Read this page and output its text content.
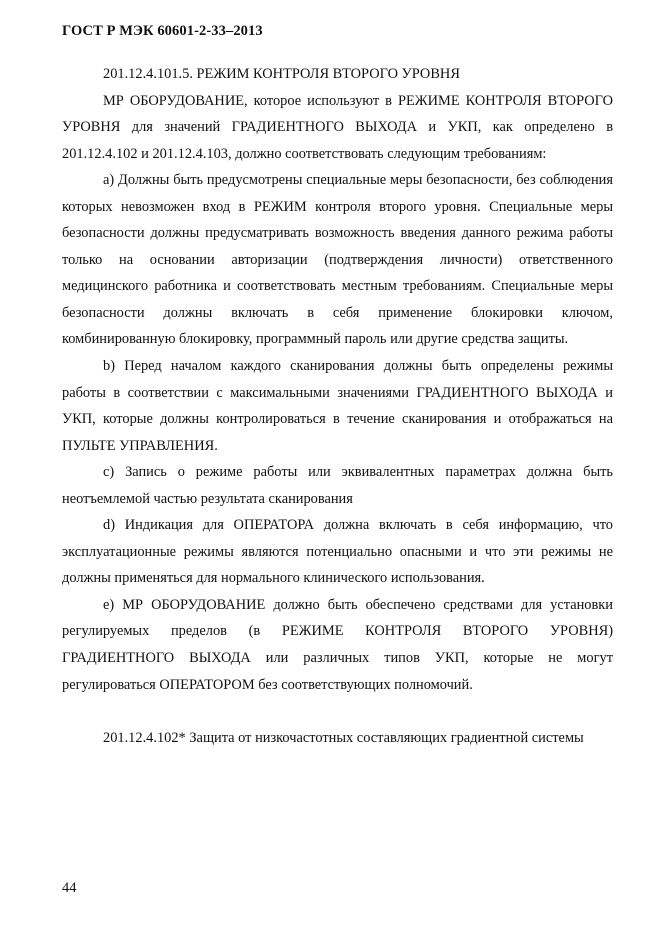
ГОСТ Р МЭК 60601-2-33–2013

201.12.4.101.5. РЕЖИМ КОНТРОЛЯ ВТОРОГО УРОВНЯ

МР ОБОРУДОВАНИЕ, которое используют в РЕЖИМЕ КОНТРОЛЯ ВТОРОГО УРОВНЯ для значений ГРАДИЕНТНОГО ВЫХОДА и УКП, как определено в 201.12.4.102 и 201.12.4.103, должно соответствовать следующим требованиям:

а) Должны быть предусмотрены специальные меры безопасности, без соблюдения которых невозможен вход в РЕЖИМ контроля второго уровня. Специальные меры безопасности должны предусматривать возможность введения данного режима работы только на основании авторизации (подтверждения личности) ответственного медицинского работника и соответствовать местным требованиям. Специальные меры безопасности должны включать в себя применение блокировки ключом, комбинированную блокировку, программный пароль или другие средства защиты.

b) Перед началом каждого сканирования должны быть определены режимы работы в соответствии с максимальными значениями ГРАДИЕНТНОГО ВЫХОДА и УКП, которые должны контролироваться в течение сканирования и отображаться на ПУЛЬТЕ УПРАВЛЕНИЯ.

с) Запись о режиме работы или эквивалентных параметрах должна быть неотъемлемой частью результата сканирования

d) Индикация для ОПЕРАТОРА должна включать в себя информацию, что эксплуатационные режимы являются потенциально опасными и что эти режимы не должны применяться для нормального клинического использования.

е) МР ОБОРУДОВАНИЕ должно быть обеспечено средствами для установки регулируемых пределов (в РЕЖИМЕ КОНТРОЛЯ ВТОРОГО УРОВНЯ) ГРАДИЕНТНОГО ВЫХОДА или различных типов УКП, которые не могут регулироваться ОПЕРАТОРОМ без соответствующих полномочий.

201.12.4.102* Защита от низкочастотных составляющих градиентной системы

44
